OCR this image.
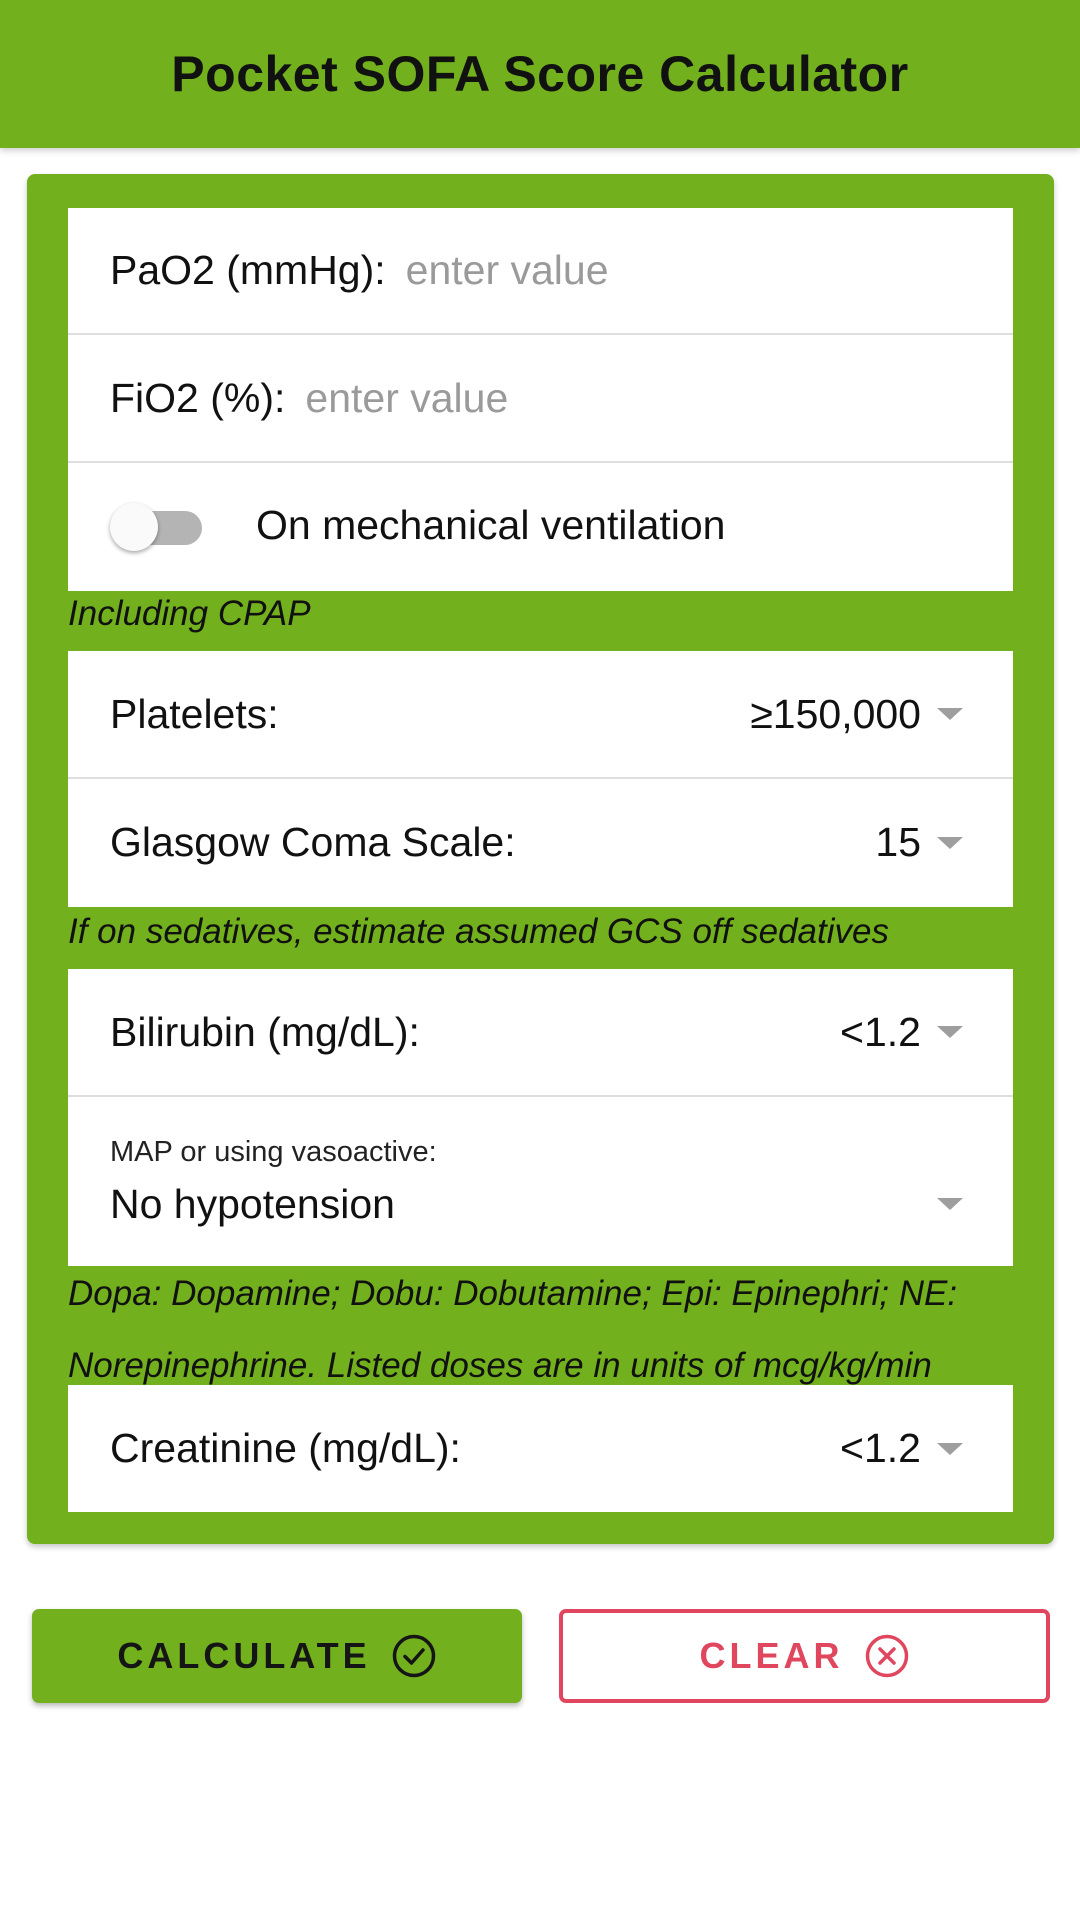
Pocket SOFA Score Calculator
PaO2 (mmHg):
enter value
FiO2 (%):
enter value
On mechanical ventilation
Including CPAP
Platelets:	≥150,000
Glasgow Coma Scale:	15
If on sedatives, estimate assumed GCS off sedatives
Bilirubin (mg/dL):	<1.2
MAP or using vasoactive:
No hypotension
Dopa: Dopamine; Dobu: Dobutamine; Epi: Epinephri; NE:
Norepinephrine. Listed doses are in units of mcg/kg/min
Creatinine (mg/dL):	<1.2
CALCULATE	CLEAR
